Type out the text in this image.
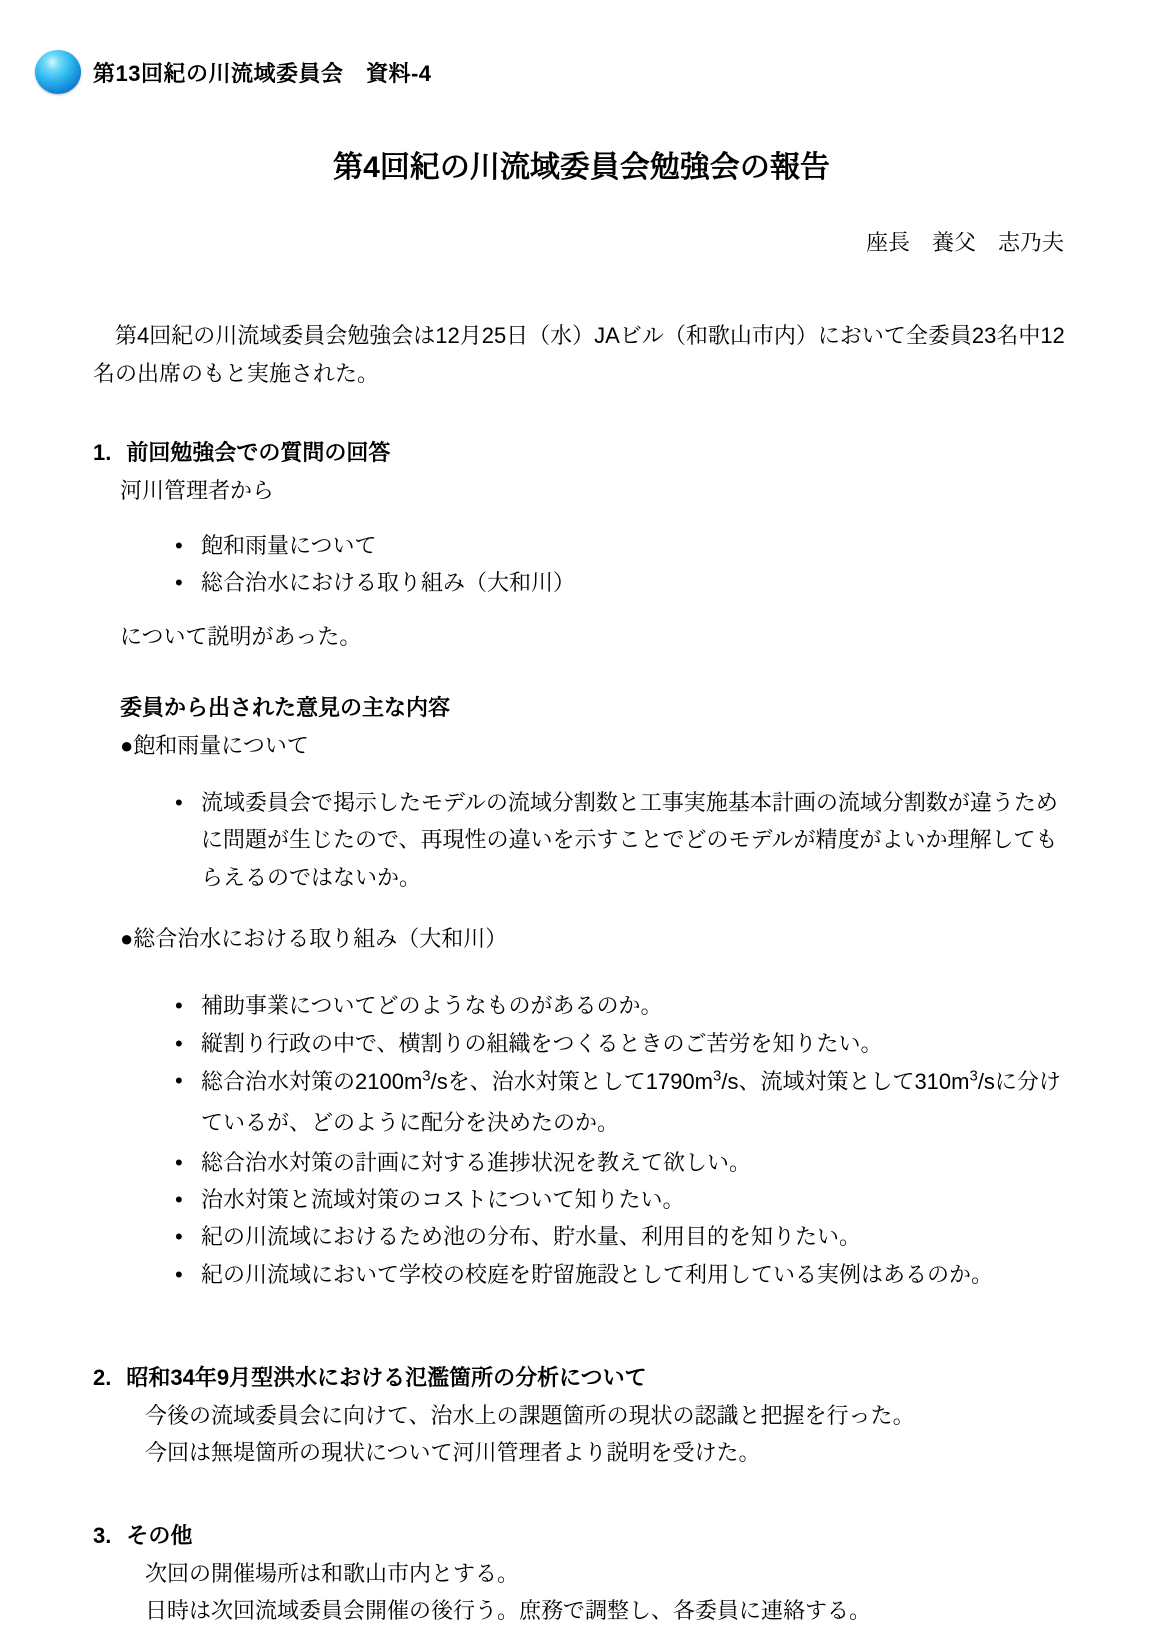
第13回紀の川流域委員会　資料-4
第4回紀の川流域委員会勉強会の報告
座長　養父　志乃夫

　第4回紀の川流域委員会勉強会は12月25日（水）JAビル（和歌山市内）において全委員23名中12名の出席のもと実施された。

1. 前回勉強会での質問の回答
河川管理者から
• 飽和雨量について
• 総合治水における取り組み（大和川）
について説明があった。
委員から出された意見の主な内容
●飽和雨量について
• 流域委員会で掲示したモデルの流域分割数と工事実施基本計画の流域分割数が違うために問題が生じたので、再現性の違いを示すことでどのモデルが精度がよいか理解してもらえるのではないか。
●総合治水における取り組み（大和川）
• 補助事業についてどのようなものがあるのか。
• 縦割り行政の中で、横割りの組織をつくるときのご苦労を知りたい。
• 総合治水対策の$2100m^3/s$を、治水対策として$1790m^3/s$、流域対策として$310m^3/s$に分けているが、どのように配分を決めたのか。
• 総合治水対策の計画に対する進捗状況を教えて欲しい。
• 治水対策と流域対策のコストについて知りたい。
• 紀の川流域におけるため池の分布、貯水量、利用目的を知りたい。
• 紀の川流域において学校の校庭を貯留施設として利用している実例はあるのか。
2. 昭和34年9月型洪水における氾濫箇所の分析について
今後の流域委員会に向けて、治水上の課題箇所の現状の認識と把握を行った。
今回は無堤箇所の現状について河川管理者より説明を受けた。
3. その他
次回の開催場所は和歌山市内とする。
日時は次回流域委員会開催の後行う。庶務で調整し、各委員に連絡する。
